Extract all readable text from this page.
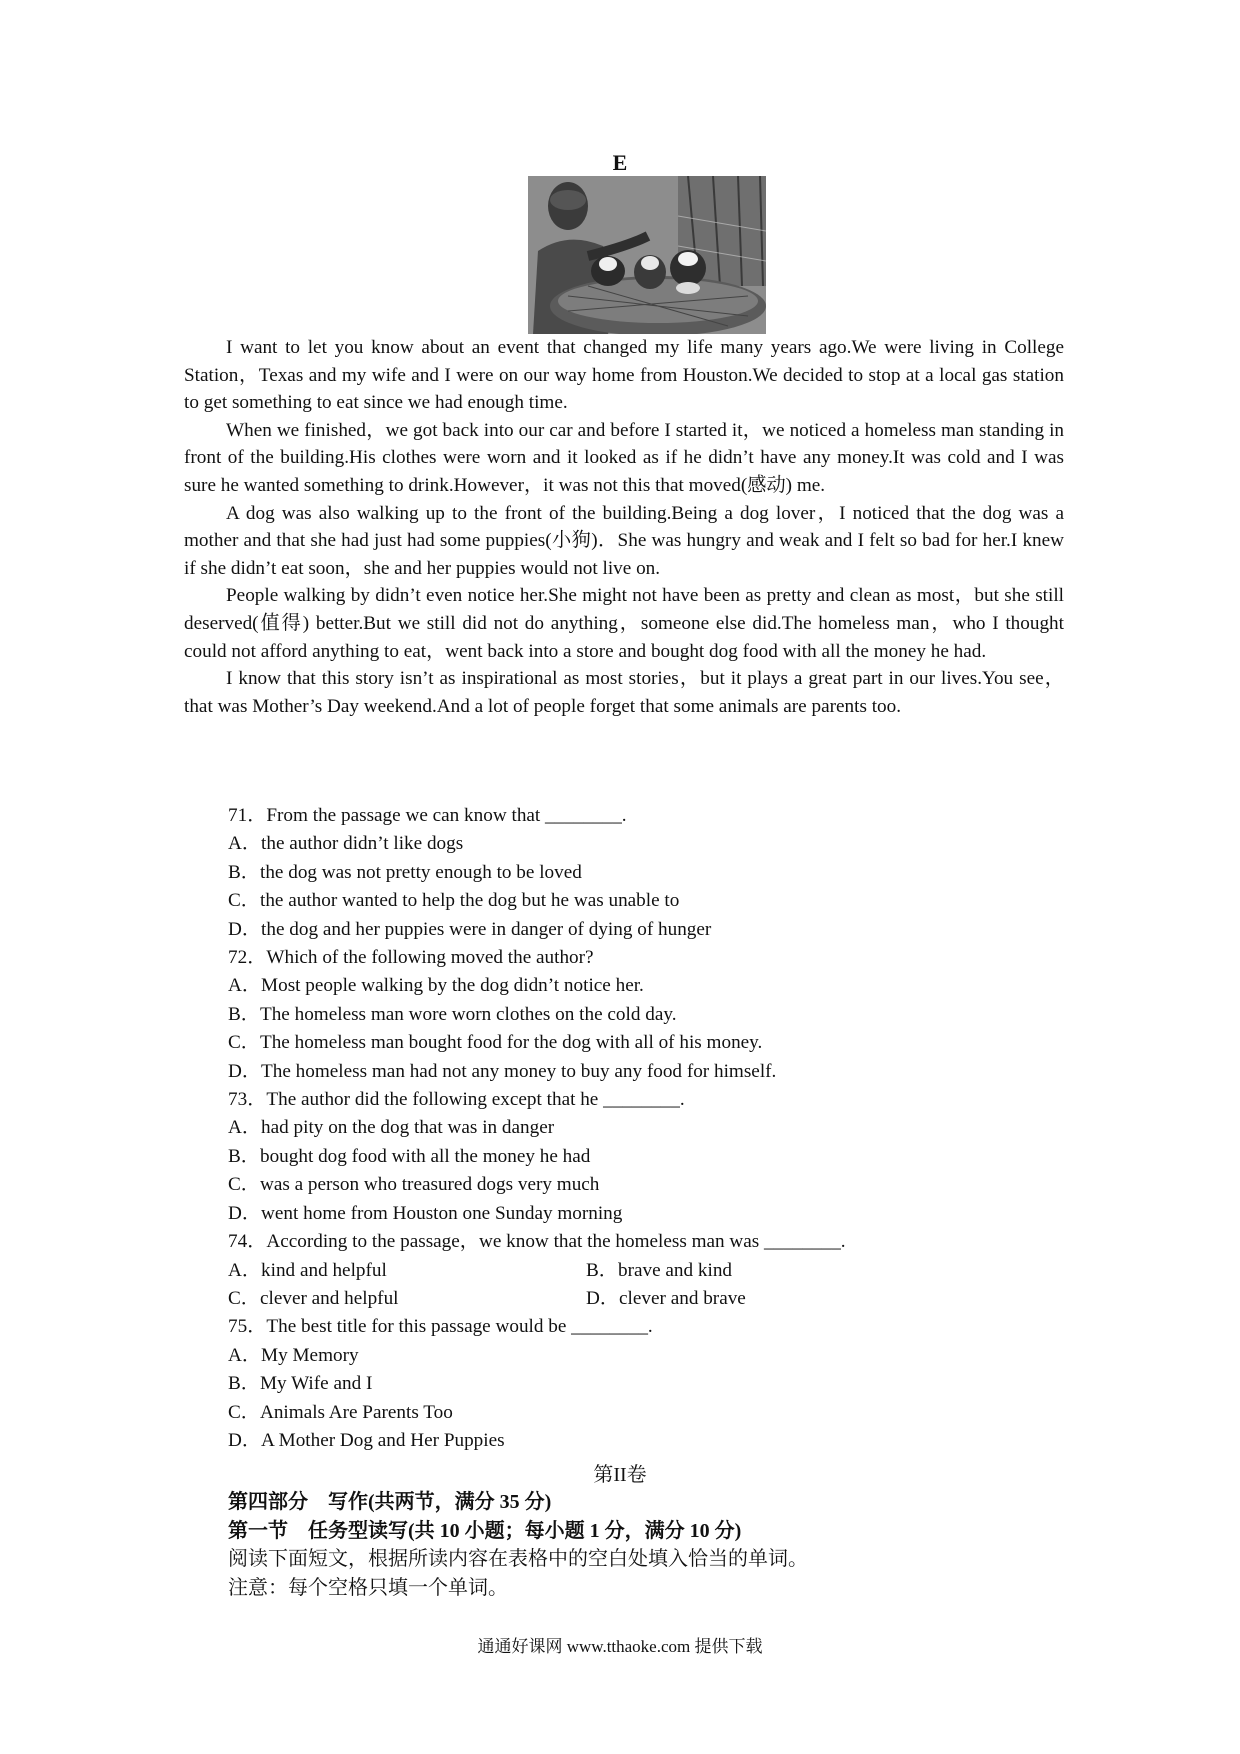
E

I want to let you know about an event that changed my life many years ago.We were living in College Station，Texas and my wife and I were on our way home from Houston.We decided to stop at a local gas station to get something to eat since we had enough time.

When we finished，we got back into our car and before I started it，we noticed a homeless man standing in front of the building.His clothes were worn and it looked as if he didn’t have any money.It was cold and I was sure he wanted something to drink.However，it was not this that moved(感动) me.

A dog was also walking up to the front of the building.Being a dog lover，I noticed that the dog was a mother and that she had just had some puppies(小狗)．She was hungry and weak and I felt so bad for her.I knew if she didn’t eat soon，she and her puppies would not live on.

People walking by didn’t even notice her.She might not have been as pretty and clean as most，but she still deserved(值得) better.But we still did not do anything，someone else did.The homeless man，who I thought could not afford anything to eat，went back into a store and bought dog food with all the money he had.

I know that this story isn’t as inspirational as most stories，but it plays a great part in our lives.You see，that was Mother’s Day weekend.And a lot of people forget that some animals are parents too.

71．From the passage we can know that ________.
A．the author didn’t like dogs
B．the dog was not pretty enough to be loved
C．the author wanted to help the dog but he was unable to
D．the dog and her puppies were in danger of dying of hunger
72．Which of the following moved the author?
A．Most people walking by the dog didn’t notice her.
B．The homeless man wore worn clothes on the cold day.
C．The homeless man bought food for the dog with all of his money.
D．The homeless man had not any money to buy any food for himself.
73．The author did the following except that he ________.
A．had pity on the dog that was in danger
B．bought dog food with all the money he had
C．was a person who treasured dogs very much
D．went home from Houston one Sunday morning
74．According to the passage，we know that the homeless man was ________.
A．kind and helpful	B．brave and kind
C．clever and helpful	D．clever and brave
75．The best title for this passage would be ________.
A．My Memory
B．My Wife and I
C．Animals Are Parents Too
D．A Mother Dog and Her Puppies
第II卷
第四部分 写作(共两节，满分 35 分)
第一节 任务型读写(共 10 小题；每小题 1 分，满分 10 分)
阅读下面短文，根据所读内容在表格中的空白处填入恰当的单词。
注意：每个空格只填一个单词。
通通好课网 www.tthaoke.com 提供下载
